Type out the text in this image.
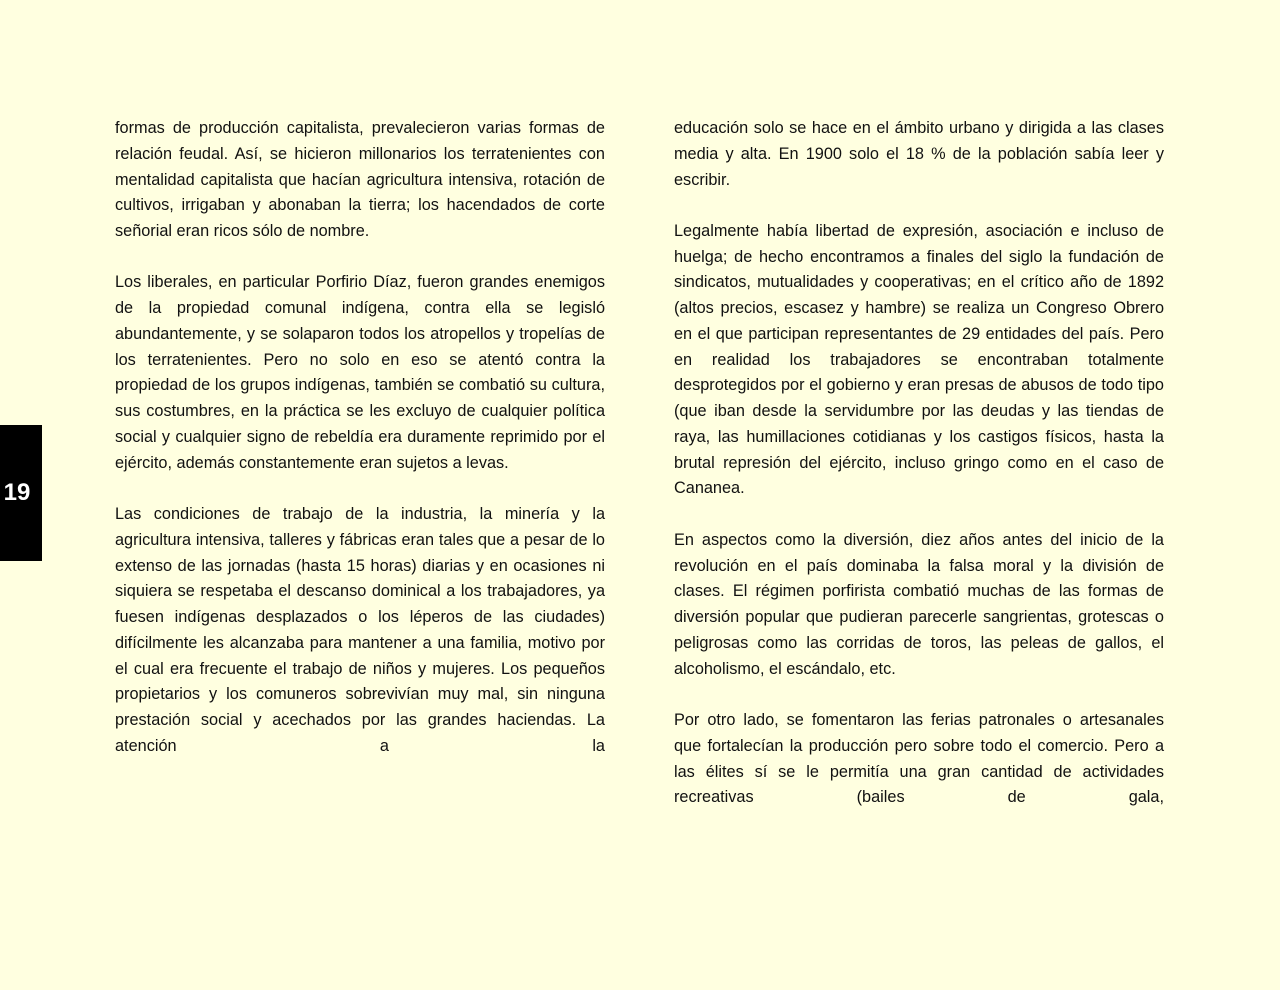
19

formas de producción capitalista, prevalecieron varias formas de relación feudal. Así, se hicieron millonarios los terratenientes con mentalidad capitalista que hacían agricultura intensiva, rotación de cultivos, irrigaban y abonaban la tierra; los hacendados de corte señorial eran ricos sólo de nombre.

Los liberales, en particular Porfirio Díaz, fueron grandes enemigos de la propiedad comunal indígena, contra ella se legisló abundantemente, y se solaparon todos los atropellos y tropelías de los terratenientes. Pero no solo en eso se atentó contra la propiedad de los grupos indígenas, también se combatió su cultura, sus costumbres, en la práctica se les excluyo de cualquier política social y cualquier signo de rebeldía era duramente reprimido por el ejército, además constantemente eran sujetos a levas.

Las condiciones de trabajo de la industria, la minería y la agricultura intensiva, talleres y fábricas eran tales que a pesar de lo extenso de las jornadas (hasta 15 horas) diarias y en ocasiones ni siquiera se respetaba el descanso dominical a los trabajadores, ya fuesen indígenas desplazados o los léperos de las ciudades) difícilmente les alcanzaba para mantener a una familia, motivo por el cual era frecuente el trabajo de niños y mujeres. Los pequeños propietarios y los comuneros sobrevivían muy mal, sin ninguna prestación social y acechados por las grandes haciendas. La atención a la

educación solo se hace en el ámbito urbano y dirigida a las clases media y alta. En 1900 solo el 18 % de la población sabía leer y escribir.

Legalmente había libertad de expresión, asociación e incluso de huelga; de hecho encontramos a finales del siglo la fundación de sindicatos, mutualidades y cooperativas; en el crítico año de 1892 (altos precios, escasez y hambre) se realiza un Congreso Obrero en el que participan representantes de 29 entidades del país. Pero en realidad los trabajadores se encontraban totalmente desprotegidos por el gobierno y eran presas de abusos de todo tipo (que iban desde la servidumbre por las deudas y las tiendas de raya, las humillaciones cotidianas y los castigos físicos, hasta la brutal represión del ejército, incluso gringo como en el caso de Cananea.

En aspectos como la diversión, diez años antes del inicio de la revolución en el país dominaba la falsa moral y la división de clases. El régimen porfirista combatió muchas de las formas de diversión popular que pudieran parecerle sangrientas, grotescas o peligrosas como las corridas de toros, las peleas de gallos, el alcoholismo, el escándalo, etc.

Por otro lado, se fomentaron las ferias patronales o artesanales que fortalecían la producción pero sobre todo el comercio. Pero a las élites sí se le permitía una gran cantidad de actividades recreativas (bailes de gala,
